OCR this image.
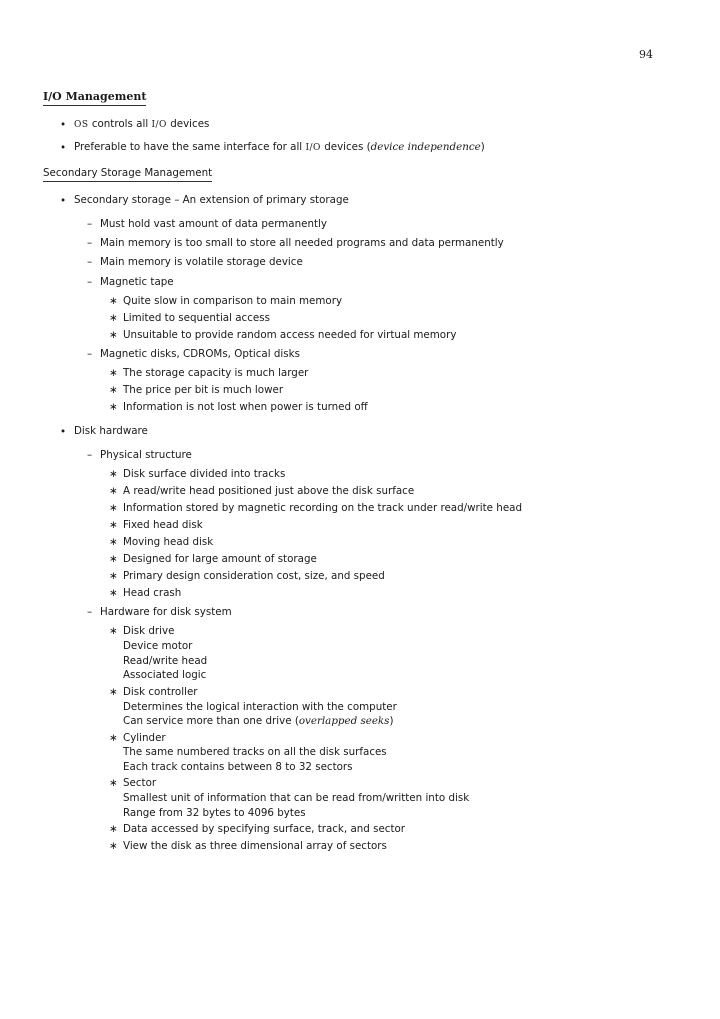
94
I/O Management
• OS controls all I/O devices
• Preferable to have the same interface for all I/O devices (device independence)
Secondary Storage Management
• Secondary storage – An extension of primary storage
– Must hold vast amount of data permanently
– Main memory is too small to store all needed programs and data permanently
– Main memory is volatile storage device
– Magnetic tape
∗ Quite slow in comparison to main memory
∗ Limited to sequential access
∗ Unsuitable to provide random access needed for virtual memory
– Magnetic disks, CDROMs, Optical disks
∗ The storage capacity is much larger
∗ The price per bit is much lower
∗ Information is not lost when power is turned off
• Disk hardware
– Physical structure
∗ Disk surface divided into tracks
∗ A read/write head positioned just above the disk surface
∗ Information stored by magnetic recording on the track under read/write head
∗ Fixed head disk
∗ Moving head disk
∗ Designed for large amount of storage
∗ Primary design consideration cost, size, and speed
∗ Head crash
– Hardware for disk system
∗ Disk drive
Device motor
Read/write head
Associated logic
∗ Disk controller
Determines the logical interaction with the computer
Can service more than one drive (overlapped seeks)
∗ Cylinder
The same numbered tracks on all the disk surfaces
Each track contains between 8 to 32 sectors
∗ Sector
Smallest unit of information that can be read from/written into disk
Range from 32 bytes to 4096 bytes
∗ Data accessed by specifying surface, track, and sector
∗ View the disk as three dimensional array of sectors
